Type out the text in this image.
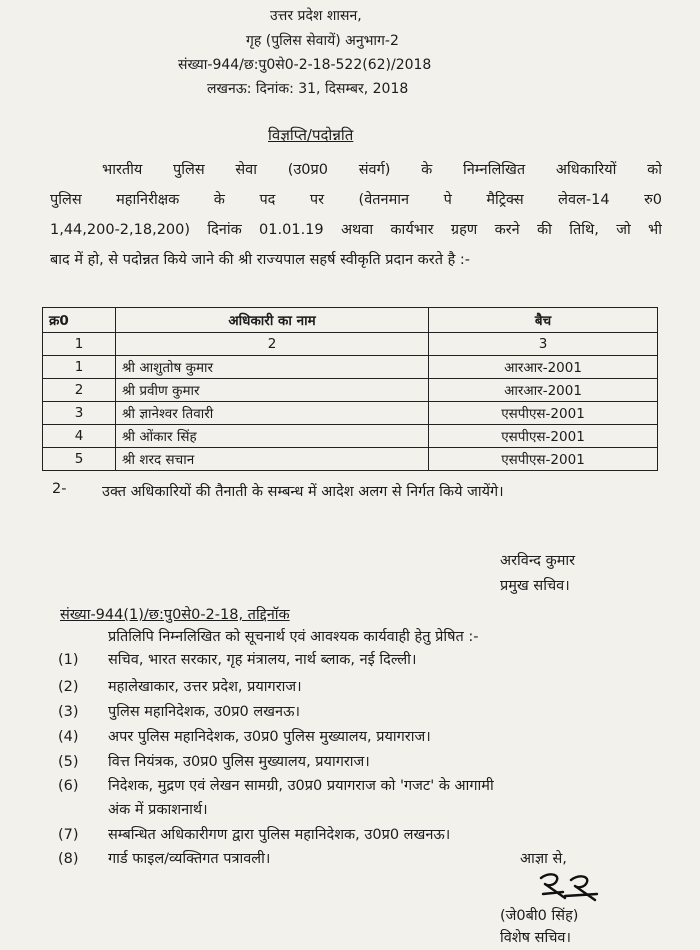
उत्तर प्रदेश शासन,
गृह (पुलिस सेवायें) अनुभाग-2
संख्या-944/छ:पु0से0-2-18-522(62)/2018
लखनऊ: दिनांक: 31, दिसम्बर, 2018
विज्ञप्ति/पदोन्नति
भारतीय पुलिस सेवा (उ0प्र0 संवर्ग) के निम्नलिखित अधिकारियों को
पुलिस महानिरीक्षक के पद पर (वेतनमान पे मैट्रिक्स लेवल-14 रु0
1,44,200-2,18,200) दिनांक 01.01.19 अथवा कार्यभार ग्रहण करने की तिथि, जो भी
बाद में हो, से पदोन्नत किये जाने की श्री राज्यपाल सहर्ष स्वीकृति प्रदान करते है :-
क्र0	अधिकारी का नाम	बैच
1	2	3
1	श्री आशुतोष कुमार	आरआर-2001
2	श्री प्रवीण कुमार	आरआर-2001
3	श्री ज्ञानेश्वर तिवारी	एसपीएस-2001
4	श्री ओंकार सिंह	एसपीएस-2001
5	श्री शरद सचान	एसपीएस-2001
2- उक्त अधिकारियों की तैनाती के सम्बन्ध में आदेश अलग से निर्गत किये जायेंगे।
अरविन्द कुमार
प्रमुख सचिव।
संख्या-944(1)/छ:पु0से0-2-18, तद्दिनॉक
प्रतिलिपि निम्नलिखित को सूचनार्थ एवं आवश्यक कार्यवाही हेतु प्रेषित :-
(1) सचिव, भारत सरकार, गृह मंत्रालय, नार्थ ब्लाक, नई दिल्ली।
(2) महालेखाकार, उत्तर प्रदेश, प्रयागराज।
(3) पुलिस महानिदेशक, उ0प्र0 लखनऊ।
(4) अपर पुलिस महानिदेशक, उ0प्र0 पुलिस मुख्यालय, प्रयागराज।
(5) वित्त नियंत्रक, उ0प्र0 पुलिस मुख्यालय, प्रयागराज।
(6) निदेशक, मुद्रण एवं लेखन सामग्री, उ0प्र0 प्रयागराज को 'गजट' के आगामी
अंक में प्रकाशनार्थ।
(7) सम्बन्धित अधिकारीगण द्वारा पुलिस महानिदेशक, उ0प्र0 लखनऊ।
(8) गार्ड फाइल/व्यक्तिगत पत्रावली।	आज्ञा से,
(जे0बी0 सिंह)
विशेष सचिव।
